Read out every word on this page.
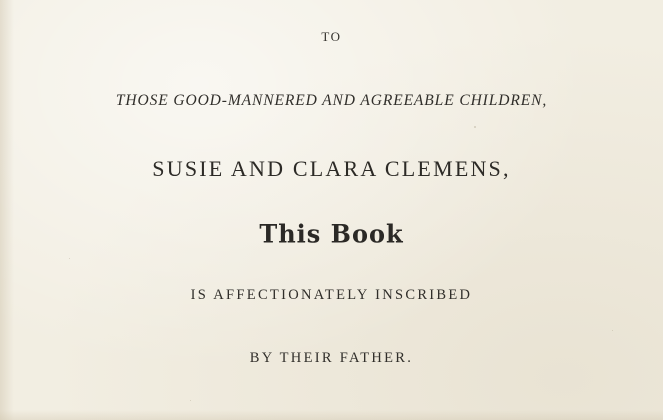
TO
THOSE GOOD-MANNERED AND AGREEABLE CHILDREN,
SUSIE AND CLARA CLEMENS,
This Book
IS AFFECTIONATELY INSCRIBED
BY THEIR FATHER.
